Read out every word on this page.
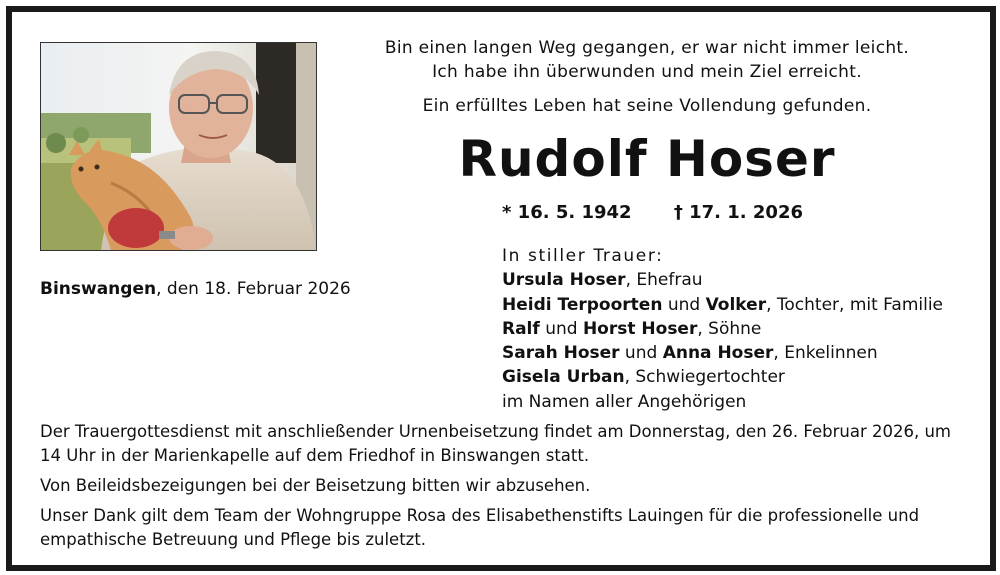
Bin einen langen Weg gegangen, er war nicht immer leicht.
Ich habe ihn überwunden und mein Ziel erreicht.
Ein erfülltes Leben hat seine Vollendung gefunden.
Rudolf Hoser
* 16. 5. 1942 † 17. 1. 2026
Binswangen, den 18. Februar 2026
In stiller Trauer:
Ursula Hoser, Ehefrau
Heidi Terpoorten und Volker, Tochter, mit Familie
Ralf und Horst Hoser, Söhne
Sarah Hoser und Anna Hoser, Enkelinnen
Gisela Urban, Schwiegertochter
im Namen aller Angehörigen

Der Trauergottesdienst mit anschließender Urnenbeisetzung findet am Donnerstag, den 26. Februar 2026, um 14 Uhr in der Marienkapelle auf dem Friedhof in Binswangen statt.

Von Beileidsbezeigungen bei der Beisetzung bitten wir abzusehen.

Unser Dank gilt dem Team der Wohngruppe Rosa des Elisabethenstifts Lauingen für die professionelle und empathische Betreuung und Pflege bis zuletzt.
